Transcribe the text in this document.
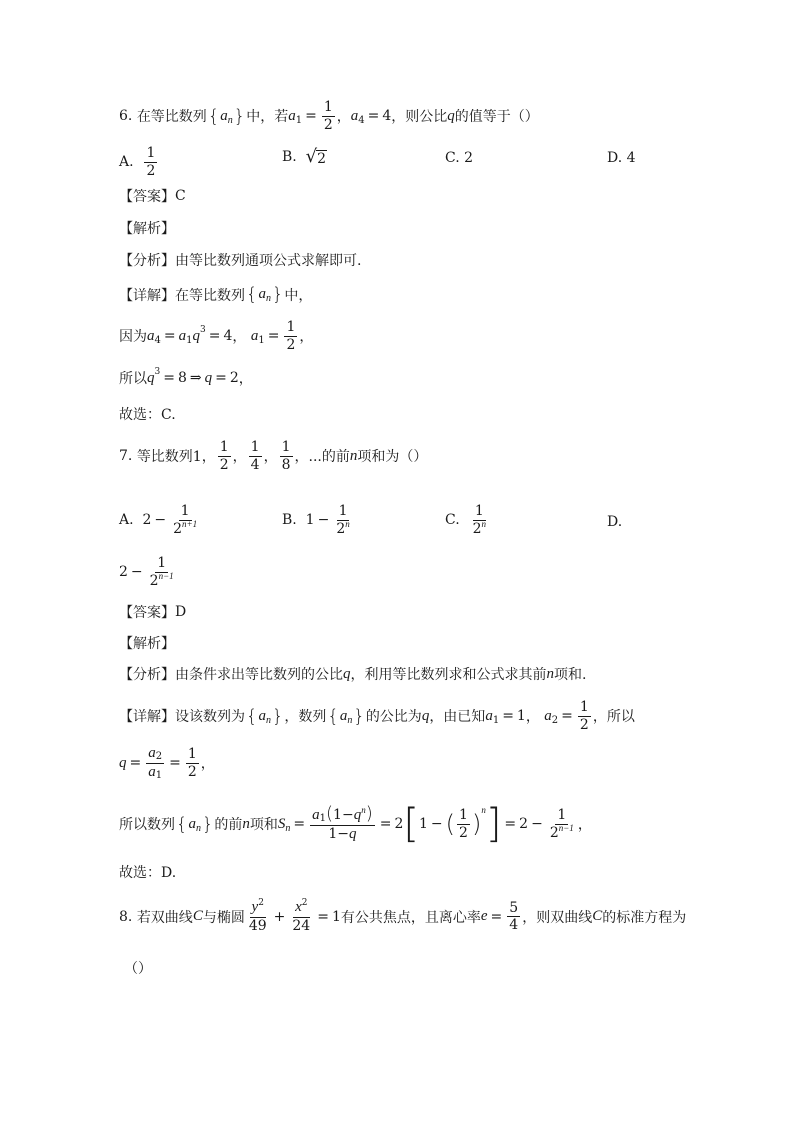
6.
在等比数列 { a n } 中，若 a $1 = \frac{1}{2}$ ， a 4 = 4 ，则公比 q 的值等于（）
A.
$\frac{1}{2}$	B.
√ 2	C.
2	D.
4
【答案】 C
【解析】
【分析】 由等比数列通项公式求解即可.
【详解】 在等比数列 { a n } 中，
因为 a 4 = a 1 q 3 = 4 ，
a $1 = \frac{1}{2}$ ，
所以 q 3 = 8 ⇒ q = 2 ，
故选：C.
7.
等比数列1， $\frac{1}{2}$ ， $\frac{1}{4}$ ， $\frac{1}{8}$ ，...的前 n 项和为（）
A.
$2 - \frac{1}{2^{n+1}}$	B.
$1 - \frac{1}{2^n}$	C.
$\frac{1}{2^n}$	D.
$2 - \frac{1}{2^{n-1}}$
【答案】 D
【解析】
【分析】 由条件求出等比数列的公比 q ，利用等比数列求和公式求其前 n 项和.
【详解】 设该数列为 { a n } ，数列 { a n } 的公比为 q ，由已知 a 1 = 1 ，
a $2 = \frac{1}{2}$ ，所以
$q = \frac{a2}{a1} = \frac{1}{2}$ ，
所以数列 { a n } 的前 n 项和 S $n = \frac{a1(1-q^n)}{1-q} = 2$ [ 1 − ( $\frac{1}{2}$ ) n ] = $2 - \frac{1}{2^{n-1}}$ ，
故选：D.
8.
若双曲线 C 与椭圆 $\frac{y^2}{49} + \frac{x^2}{24} = 1$ 有公共焦点，且离心率 $e = \frac{5}{4}$ ，则双曲线 C 的标准方程为
（）
